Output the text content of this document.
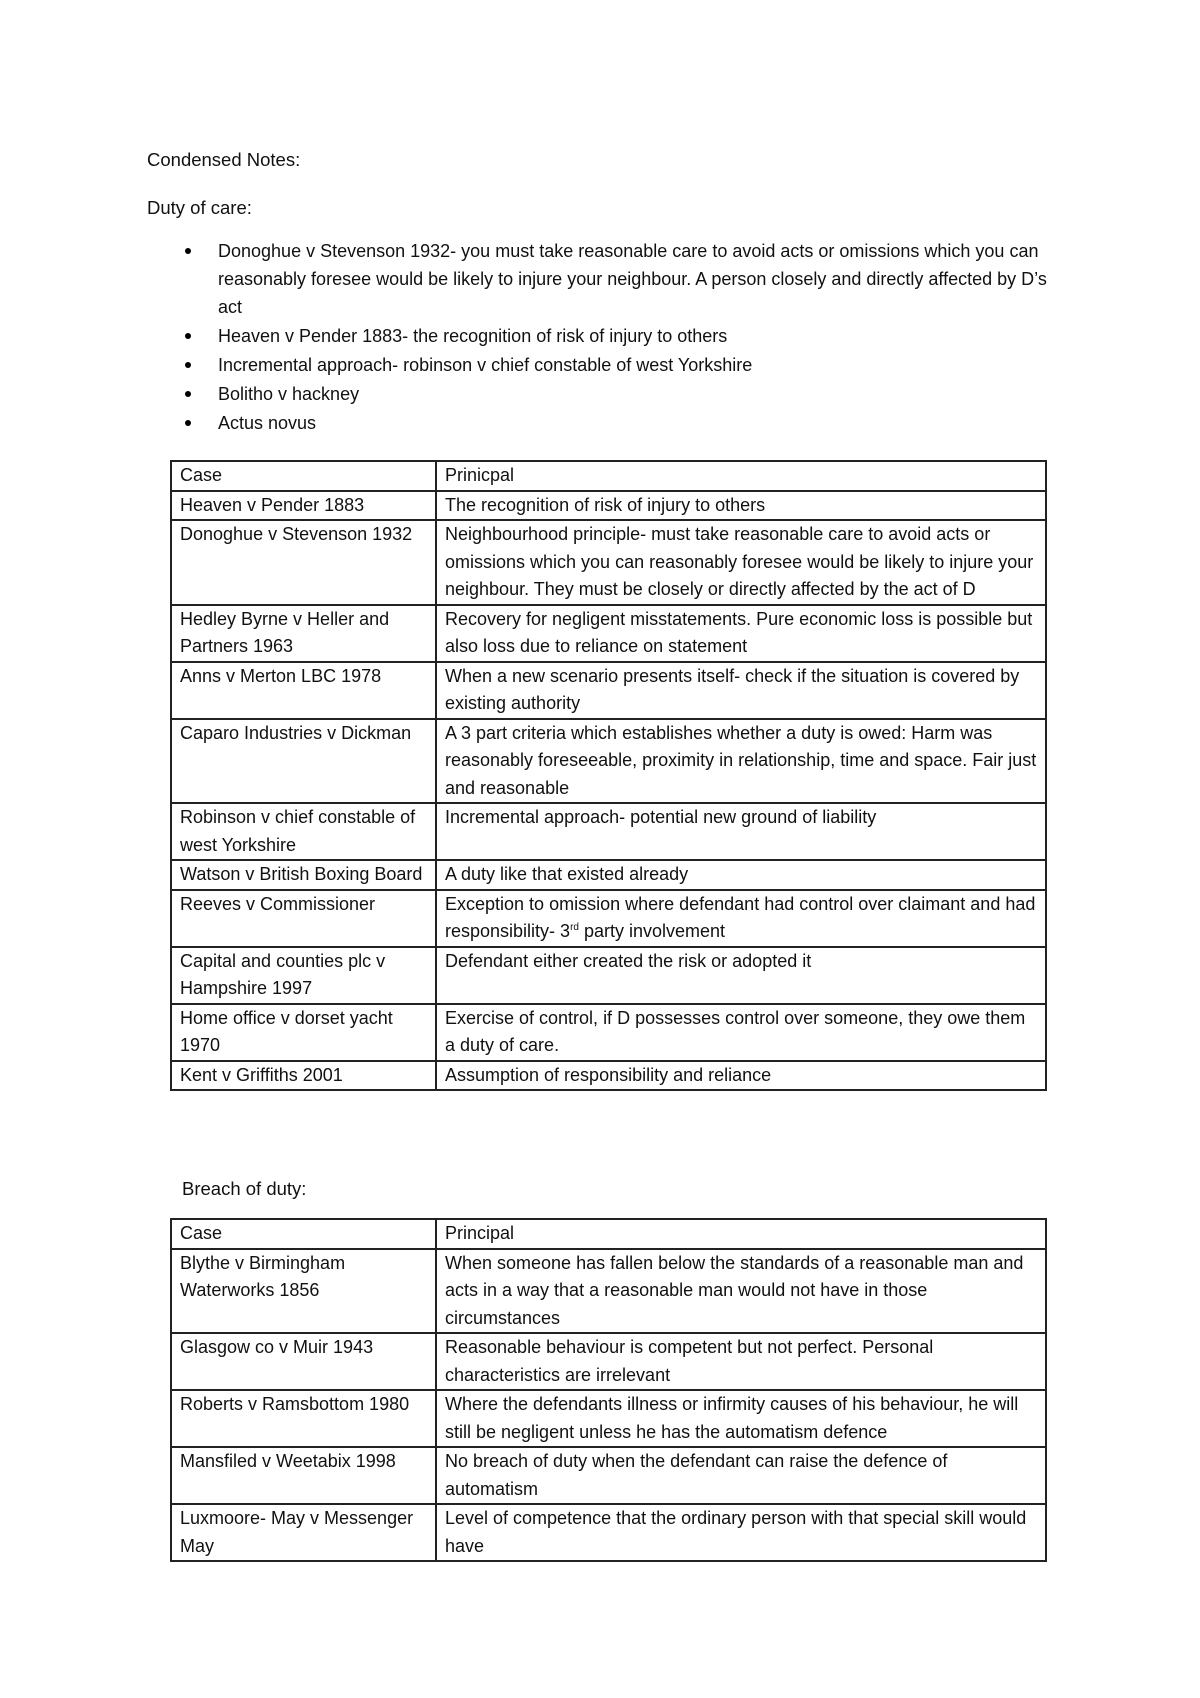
Condensed Notes:
Duty of care:
Donoghue v Stevenson 1932- you must take reasonable care to avoid acts or omissions which you can reasonably foresee would be likely to injure your neighbour. A person closely and directly affected by D’s act
Heaven v Pender 1883- the recognition of risk of injury to others
Incremental approach- robinson v chief constable of west Yorkshire
Bolitho v hackney
Actus novus
Case	Prinicpal
Heaven v Pender 1883	The recognition of risk of injury to others
Donoghue v Stevenson 1932	Neighbourhood principle- must take reasonable care to avoid acts or omissions which you can reasonably foresee would be likely to injure your neighbour. They must be closely or directly affected by the act of D
Hedley Byrne v Heller and Partners 1963	Recovery for negligent misstatements. Pure economic loss is possible but also loss due to reliance on statement
Anns v Merton LBC 1978	When a new scenario presents itself- check if the situation is covered by existing authority
Caparo Industries v Dickman	A 3 part criteria which establishes whether a duty is owed: Harm was reasonably foreseeable, proximity in relationship, time and space. Fair just and reasonable
Robinson v chief constable of west Yorkshire	Incremental approach- potential new ground of liability
Watson v British Boxing Board	A duty like that existed already
Reeves v Commissioner	Exception to omission where defendant had control over claimant and had responsibility- 3rd party involvement
Capital and counties plc v Hampshire 1997	Defendant either created the risk or adopted it
Home office v dorset yacht 1970	Exercise of control, if D possesses control over someone, they owe them a duty of care.
Kent v Griffiths 2001	Assumption of responsibility and reliance
Breach of duty:
Case	Principal
Blythe v Birmingham Waterworks 1856	When someone has fallen below the standards of a reasonable man and acts in a way that a reasonable man would not have in those circumstances
Glasgow co v Muir 1943	Reasonable behaviour is competent but not perfect. Personal characteristics are irrelevant
Roberts v Ramsbottom 1980	Where the defendants illness or infirmity causes of his behaviour, he will still be negligent unless he has the automatism defence
Mansfiled v Weetabix 1998	No breach of duty when the defendant can raise the defence of automatism
Luxmoore- May v Messenger May	Level of competence that the ordinary person with that special skill would have
